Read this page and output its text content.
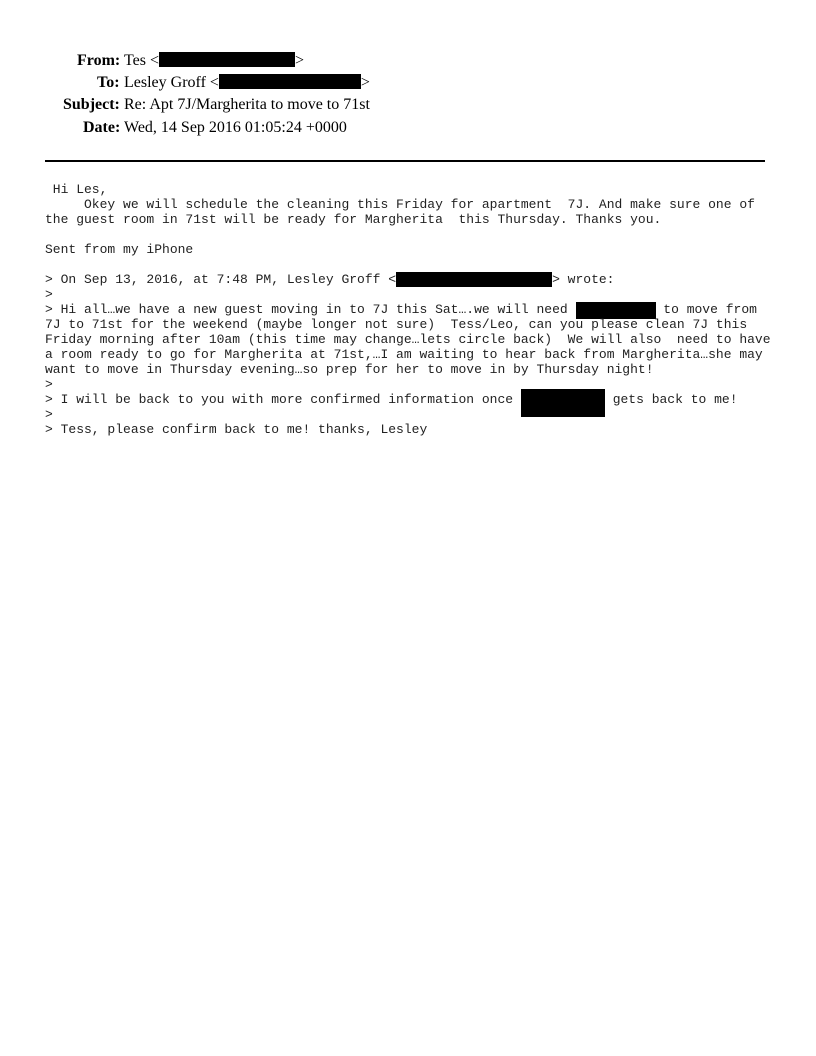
From: Tes <	>
To: Lesley Groff <	>
Subject: Re: Apt 7J/Margherita to move to 71st
Date: Wed, 14 Sep 2016 01:05:24 +0000
Hi Les,
Okey we will schedule the cleaning this Friday for apartment  7J. And make sure one of
the guest room in 71st will be ready for Margherita  this Thursday. Thanks you.
Sent from my iPhone
> On Sep 13, 2016, at 7:48 PM, Lesley Groff <	> wrote:
>
> Hi all…we have a new guest moving in to 7J this Sat….we will need	to move from
7J to 71st for the weekend (maybe longer not sure)  Tess/Leo, can you please clean 7J this
Friday morning after 10am (this time may change…lets circle back)  We will also  need to have
a room ready to go for Margherita at 71st,…I am waiting to hear back from Margherita…she may
want to move in Thursday evening…so prep for her to move in by Thursday night!
>
> I will be back to you with more confirmed information once	gets back to me!
>
> Tess, please confirm back to me! thanks, Lesley
